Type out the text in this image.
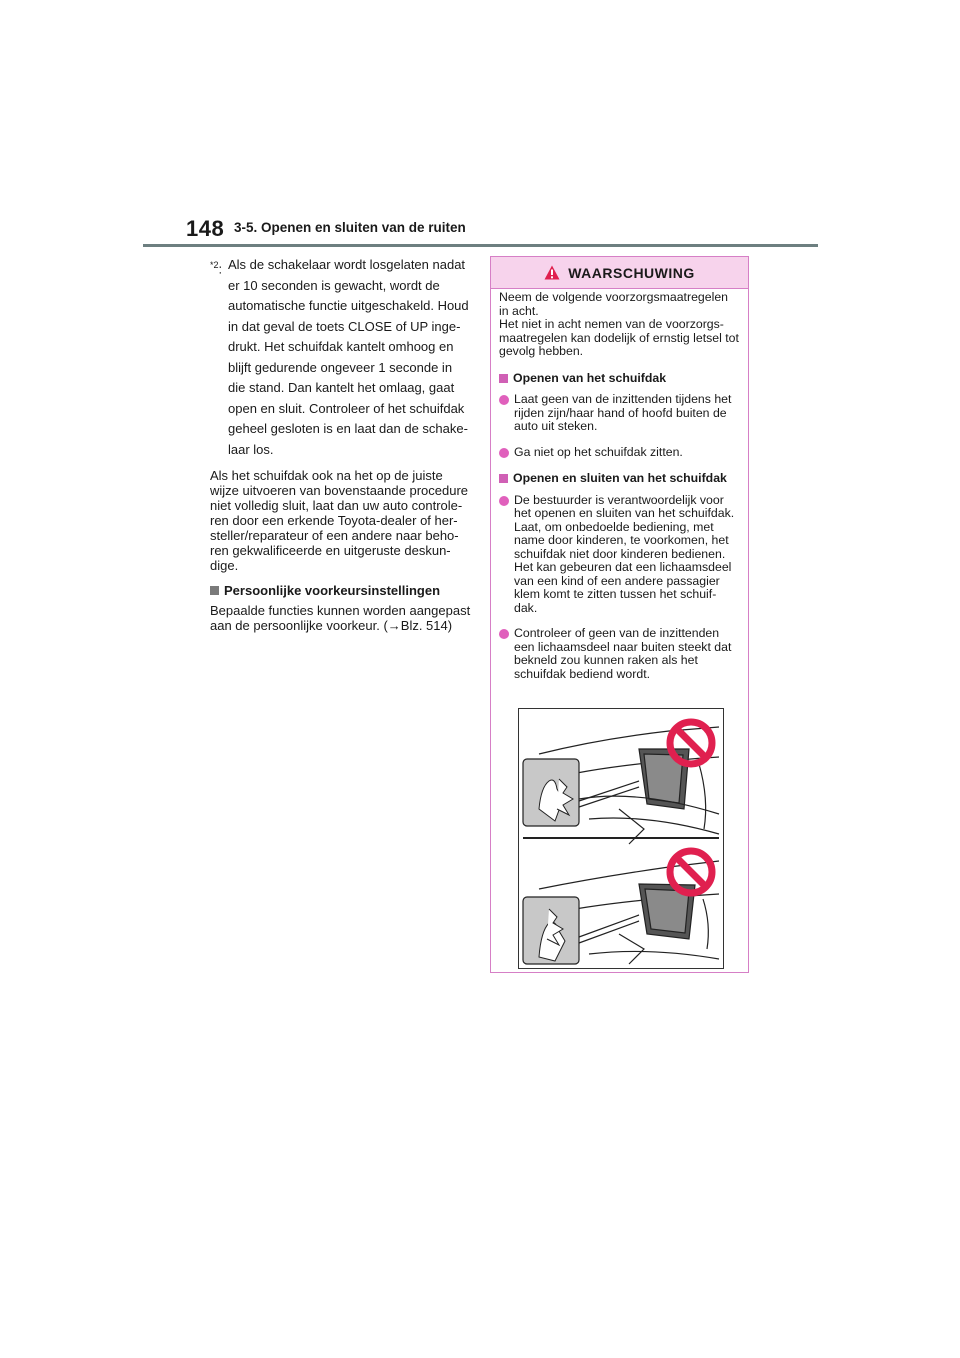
148 3-5. Openen en sluiten van de ruiten
$^{*2}$: Als de schakelaar wordt losgelaten nadat er 10 seconden is gewacht, wordt de automatische functie uitgeschakeld. Houd in dat geval de toets CLOSE of UP inge-drukt. Het schuifdak kantelt omhoog en blijft gedurende ongeveer 1 seconde in die stand. Dan kantelt het omlaag, gaat open en sluit. Controleer of het schuifdak geheel gesloten is en laat dan de schake-laar los.
Als het schuifdak ook na het op de juiste wijze uitvoeren van bovenstaande procedure niet volledig sluit, laat dan uw auto controle-ren door een erkende Toyota-dealer of her-steller/reparateur of een andere naar beho-ren gekwalificeerde en uitgeruste deskun-dige.
Persoonlijke voorkeursinstellingen
Bepaalde functies kunnen worden aangepast aan de persoonlijke voorkeur. (→Blz. 514)
WAARSCHUWING
Neem de volgende voorzorgsmaatregelen in acht.
Het niet in acht nemen van de voorzorgs-maatregelen kan dodelijk of ernstig letsel tot gevolg hebben.
Openen van het schuifdak
Laat geen van de inzittenden tijdens het rijden zijn/haar hand of hoofd buiten de auto uit steken.
Ga niet op het schuifdak zitten.
Openen en sluiten van het schuifdak
De bestuurder is verantwoordelijk voor het openen en sluiten van het schuifdak. Laat, om onbedoelde bediening, met name door kinderen, te voorkomen, het schuifdak niet door kinderen bedienen. Het kan gebeuren dat een lichaamsdeel van een kind of een andere passagier klem komt te zitten tussen het schuif-dak.
Controleer of geen van de inzittenden een lichaamsdeel naar buiten steekt dat bekneld zou kunnen raken als het schuifdak bediend wordt.
